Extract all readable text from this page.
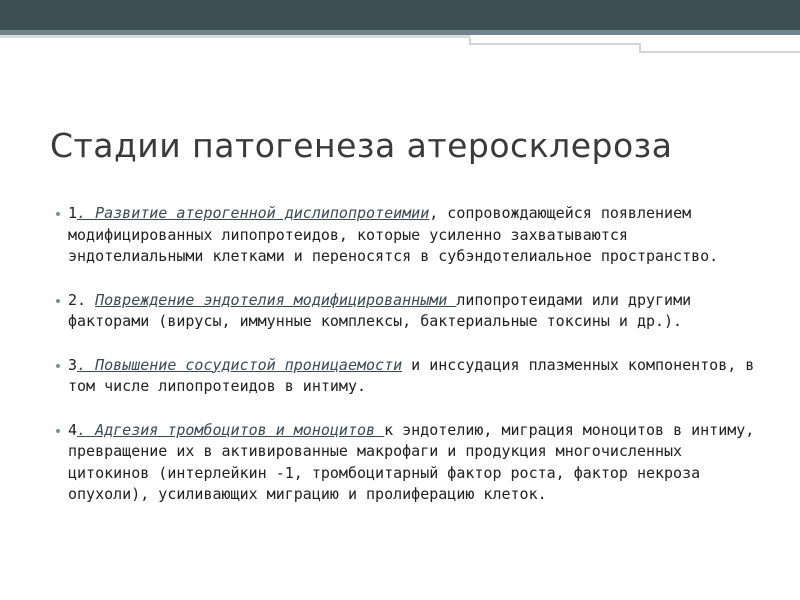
Стадии патогенеза атеросклероза
1. Развитие атерогенной дислипопротеимии, сопровождающейся появлением модифицированных липопротеидов, которые усиленно захватываются эндотелиальными клетками и переносятся в субэндотелиальное пространство.
2. Повреждение эндотелия модифицированными липопротеидами или другими факторами (вирусы, иммунные комплексы, бактериальные токсины и др.).
3. Повышение сосудистой проницаемости и инссудация плазменных компонентов, в том числе липопротеидов в интиму.
4. Адгезия тромбоцитов и моноцитов к эндотелию, миграция моноцитов в интиму, превращение их в активированные макрофаги и продукция многочисленных цитокинов (интерлейкин -1, тромбоцитарный фактор роста, фактор некроза опухоли), усиливающих миграцию и пролиферацию клеток.
